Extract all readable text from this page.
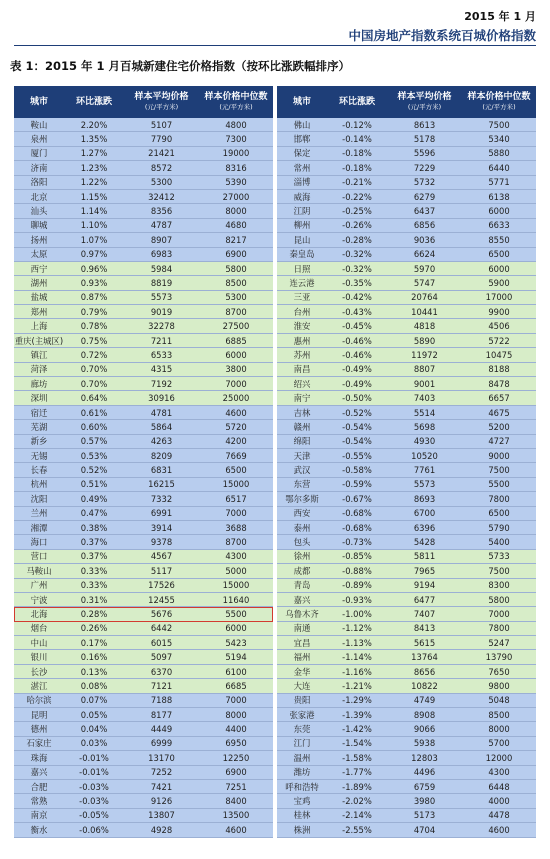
2015 年 1 月
中国房地产指数系统百城价格指数
表 1：2015 年 1 月百城新建住宅价格指数（按环比涨跌幅排序）
城市	环比涨跌	样本平均价格
(元/平方米)
样本价格中位数
(元/平方米)
鞍山	2.20%	5107	4800
泉州	1.35%	7790	7300
厦门	1.27%	21421	19000
济南	1.23%	8572	8316
洛阳	1.22%	5300	5390
北京	1.15%	32412	27000
汕头	1.14%	8356	8000
聊城	1.10%	4787	4680
扬州	1.07%	8907	8217
太原	0.97%	6983	6900
西宁	0.96%	5984	5800
湖州	0.93%	8819	8500
盐城	0.87%	5573	5300
郑州	0.79%	9019	8700
上海	0.78%	32278	27500
重庆(主城区)	0.75%	7211	6885
镇江	0.72%	6533	6000
菏泽	0.70%	4315	3800
廊坊	0.70%	7192	7000
深圳	0.64%	30916	25000
宿迁	0.61%	4781	4600
芜湖	0.60%	5864	5720
新乡	0.57%	4263	4200
无锡	0.53%	8209	7669
长春	0.52%	6831	6500
杭州	0.51%	16215	15000
沈阳	0.49%	7332	6517
兰州	0.47%	6991	7000
湘潭	0.38%	3914	3688
海口	0.37%	9378	8700
营口	0.37%	4567	4300
马鞍山	0.33%	5117	5000
广州	0.33%	17526	15000
宁波	0.31%	12455	11640
北海	0.28%	5676	5500
烟台	0.26%	6442	6000
中山	0.17%	6015	5423
银川	0.16%	5097	5194
长沙	0.13%	6370	6100
湛江	0.08%	7121	6685
哈尔滨	0.07%	7188	7000
昆明	0.05%	8177	8000
德州	0.04%	4449	4400
石家庄	0.03%	6999	6950
珠海	-0.01%	13170	12250
嘉兴	-0.01%	7252	6900
合肥	-0.03%	7421	7251
常熟	-0.03%	9126	8400
南京	-0.05%	13807	13500
衡水	-0.06%	4928	4600
城市	环比涨跌	样本平均价格
(元/平方米)
样本价格中位数
(元/平方米)
佛山	-0.12%	8613	7500
邯郸	-0.14%	5178	5340
保定	-0.18%	5596	5880
常州	-0.18%	7229	6440
淄博	-0.21%	5732	5771
威海	-0.22%	6279	6138
江阴	-0.25%	6437	6000
柳州	-0.26%	6856	6633
昆山	-0.28%	9036	8550
秦皇岛	-0.32%	6624	6500
日照	-0.32%	5970	6000
连云港	-0.35%	5747	5900
三亚	-0.42%	20764	17000
台州	-0.43%	10441	9900
淮安	-0.45%	4818	4506
惠州	-0.46%	5890	5722
苏州	-0.46%	11972	10475
南昌	-0.49%	8807	8188
绍兴	-0.49%	9001	8478
南宁	-0.50%	7403	6657
吉林	-0.52%	5514	4675
赣州	-0.54%	5698	5200
绵阳	-0.54%	4930	4727
天津	-0.55%	10520	9000
武汉	-0.58%	7761	7500
东营	-0.59%	5573	5500
鄂尔多斯	-0.67%	8693	7800
西安	-0.68%	6700	6500
泰州	-0.68%	6396	5790
包头	-0.73%	5428	5400
徐州	-0.85%	5811	5733
成都	-0.88%	7965	7500
青岛	-0.89%	9194	8300
嘉兴	-0.93%	6477	5800
乌鲁木齐	-1.00%	7407	7000
南通	-1.12%	8413	7800
宜昌	-1.13%	5615	5247
福州	-1.14%	13764	13790
金华	-1.16%	8656	7650
大连	-1.21%	10822	9800
贵阳	-1.29%	4749	5048
张家港	-1.39%	8908	8500
东莞	-1.42%	9066	8000
江门	-1.54%	5938	5700
温州	-1.58%	12803	12000
潍坊	-1.77%	4496	4300
呼和浩特	-1.89%	6759	6448
宝鸡	-2.02%	3980	4000
桂林	-2.14%	5173	4478
株洲	-2.55%	4704	4600
